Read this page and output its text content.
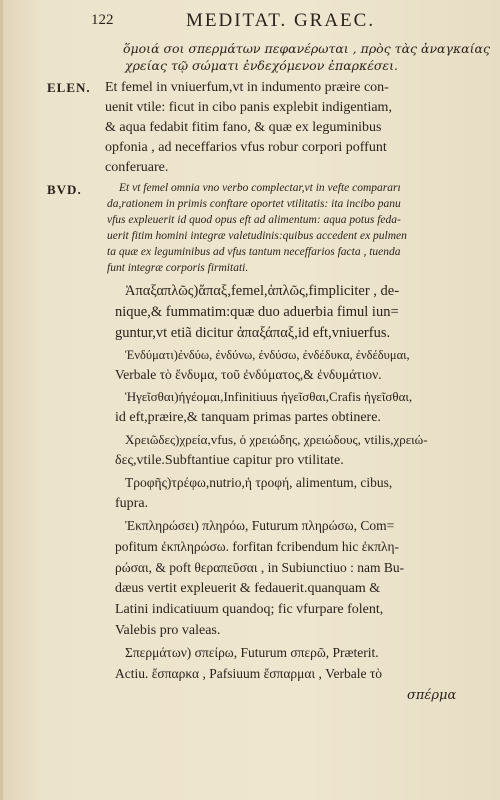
122	MEDITAT. GRAEC.
ὅμοιά σοι σπερμάτων πεφανέρωται , πρὸς τὰς ἀναγκαίας
χρείας τῷ σώματι ἐνδεχόμενον ἐπαρκέσει.
ELEN. Et femel in vniuerfum,vt in indumento præire con-
uenit vtile: ficut in cibo panis explebit indigentiam,
& aqua fedabit fitim fano, & quæ ex leguminibus
opfonia , ad neceffarios vfus robur corpori poffunt
conferuare.
BVD.	Et vt femel omnia vno verbo complectar,vt in vefte compararı
da,rationem in primis conftare oportet vtilitatis: ita incibo panu
vfus expleuerit id quod opus eft ad alimentum: aqua potus feda-
uerit fitim homini integræ valetudinis:quibus accedent ex pulmen
ta quæ ex leguminibus ad vfus tantum neceffarios facta , tuenda
funt integræ corporis firmitati.
Ἁπαξαπλῶς)ἅπαξ,femel,ἁπλῶς,fimpliciter , de-
nique,& fummatim:quæ duo aduerbia fimul iun=
guntur,vt etiã dicitur ἁπαξάπαξ,id eft,vniuerfus.
Ἐνδύματι)ἐνδύω, ἐνδύνω, ἐνδύσω, ἐνδέδυκα, ἐνδέδυμαι,
Verbale τὸ ἔνδυμα, τοῦ ἐνδύματος,& ἐνδυμάτιον.
Ἡγεῖσθαι)ἡγέομαι,Infinitiuus ἡγεῖσθαι,Crafis ἡγεῖσθαι,
id eft,præire,& tanquam primas partes obtinere.
Χρειῶδες)χρεία,vfus, ὁ χρειώδης, χρειώδους, vtilis,χρειώ-
δες,vtile.Subftantiue capitur pro vtilitate.
Τροφῆς)τρέφω,nutrio,ἡ τροφή, alimentum, cibus,
fupra.
Ἐκπληρώσει) πληρόω, Futurum πληρώσω, Com=
pofitum ἐκπληρώσω. forfitan fcribendum hic ἐκπλη-
ρώσαι, & poft θεραπεῦσαι , in Subiunctiuo : nam Bu-
dæus vertit expleuerit & fedauerit.quanquam &
Latini indicatiuum quandoq; fic vfurpare folent,
Valebis pro valeas.
Σπερμάτων) σπείρω, Futurum σπερῶ, Præterit.
Actiu. ἔσπαρκα , Pafsiuum ἔσπαρμαι , Verbale τὸ
σπέρμα
